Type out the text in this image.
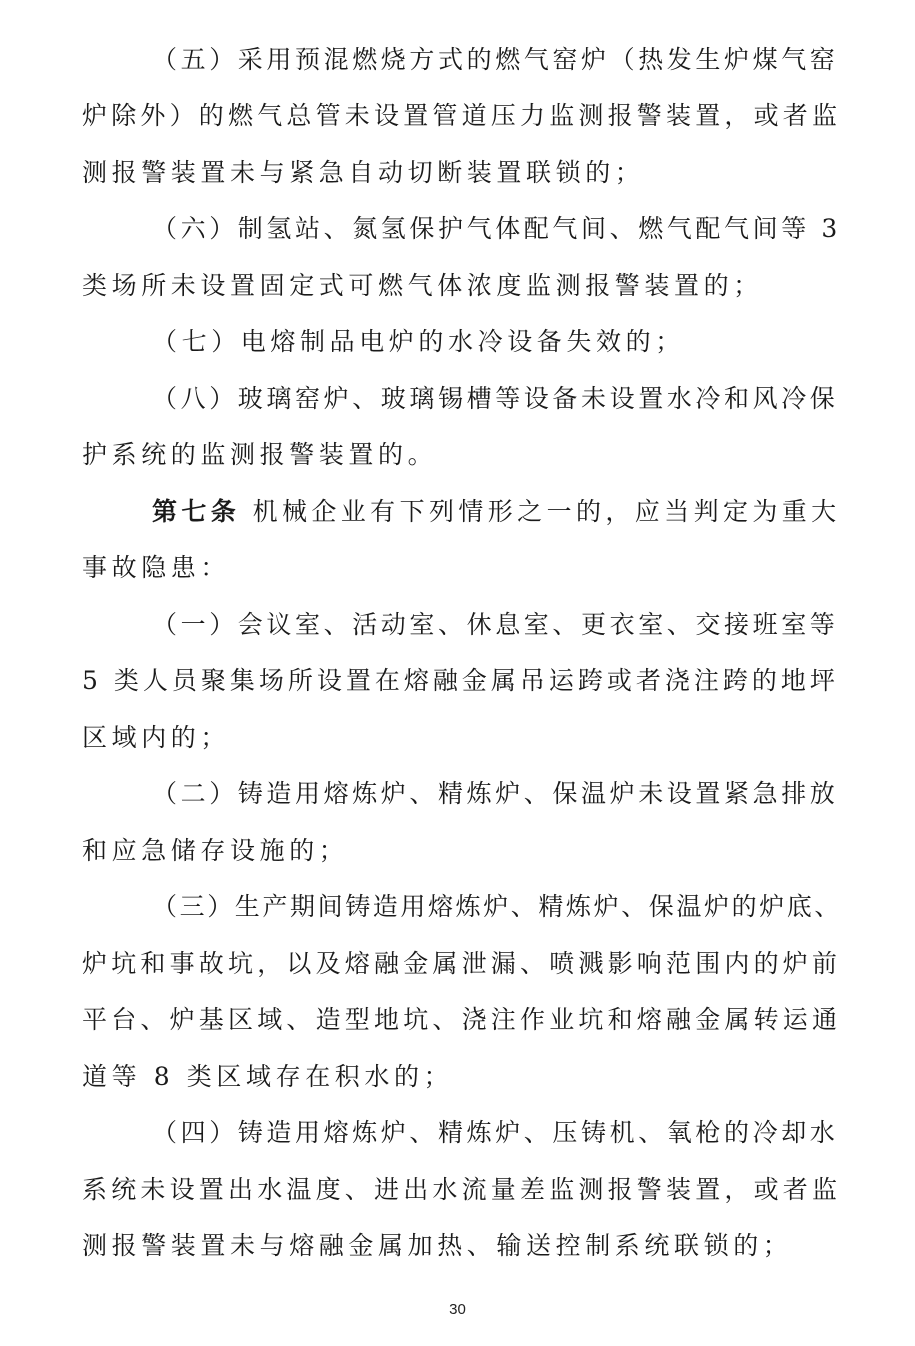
（五）采用预混燃烧方式的燃气窑炉（热发生炉煤气窑
炉除外）的燃气总管未设置管道压力监测报警装置，或者监
测报警装置未与紧急自动切断装置联锁的；
（六）制氢站、氮氢保护气体配气间、燃气配气间等 3
类场所未设置固定式可燃气体浓度监测报警装置的；
（七）电熔制品电炉的水冷设备失效的；
（八）玻璃窑炉、玻璃锡槽等设备未设置水冷和风冷保
护系统的监测报警装置的。
第七条 机械企业有下列情形之一的，应当判定为重大
事故隐患：
（一）会议室、活动室、休息室、更衣室、交接班室等
5 类人员聚集场所设置在熔融金属吊运跨或者浇注跨的地坪
区域内的；
（二）铸造用熔炼炉、精炼炉、保温炉未设置紧急排放
和应急储存设施的；
（三）生产期间铸造用熔炼炉、精炼炉、保温炉的炉底、
炉坑和事故坑，以及熔融金属泄漏、喷溅影响范围内的炉前
平台、炉基区域、造型地坑、浇注作业坑和熔融金属转运通
道等 8 类区域存在积水的；
（四）铸造用熔炼炉、精炼炉、压铸机、氧枪的冷却水
系统未设置出水温度、进出水流量差监测报警装置，或者监
测报警装置未与熔融金属加热、输送控制系统联锁的；
30
